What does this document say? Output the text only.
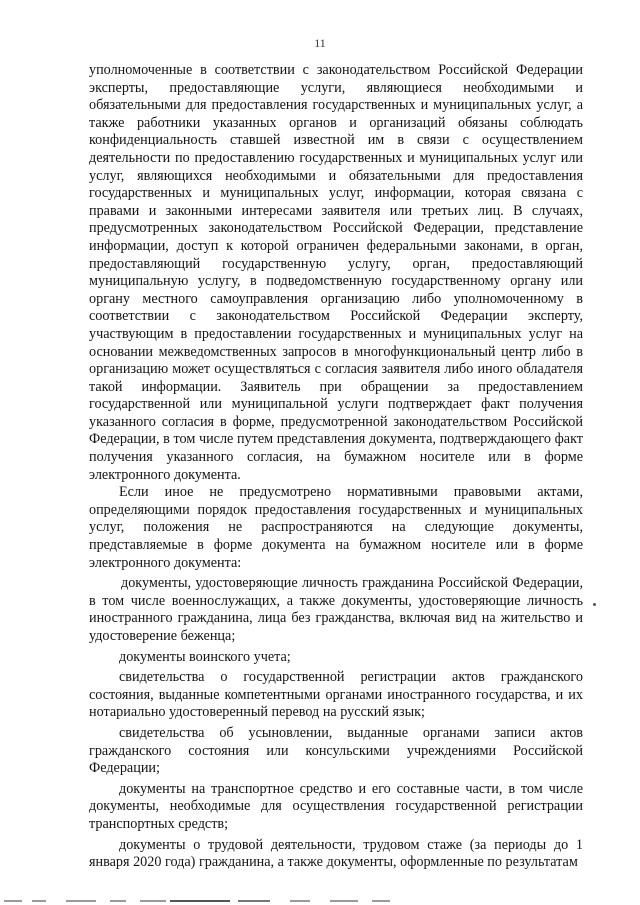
11

уполномоченные в соответствии с законодательством Российской Федерации эксперты, предоставляющие услуги, являющиеся необходимыми и обязательными для предоставления государственных и муниципальных услуг, а также работники указанных органов и организаций обязаны соблюдать конфиденциальность ставшей известной им в связи с осуществлением деятельности по предоставлению государственных и муниципальных услуг или услуг, являющихся необходимыми и обязательными для предоставления государственных и муниципальных услуг, информации, которая связана с правами и законными интересами заявителя или третьих лиц. В случаях, предусмотренных законодательством Российской Федерации, представление информации, доступ к которой ограничен федеральными законами, в орган, предоставляющий государственную услугу, орган, предоставляющий муниципальную услугу, в подведомственную государственному органу или органу местного самоуправления организацию либо уполномоченному в соответствии с законодательством Российской Федерации эксперту, участвующим в предоставлении государственных и муниципальных услуг на основании межведомственных запросов в многофункциональный центр либо в организацию может осуществляться с согласия заявителя либо иного обладателя такой информации. Заявитель при обращении за предоставлением государственной или муниципальной услуги подтверждает факт получения указанного согласия в форме, предусмотренной законодательством Российской Федерации, в том числе путем представления документа, подтверждающего факт получения указанного согласия, на бумажном носителе или в форме электронного документа.

Если иное не предусмотрено нормативными правовыми актами, определяющими порядок предоставления государственных и муниципальных услуг, положения не распространяются на следующие документы, представляемые в форме документа на бумажном носителе или в форме электронного документа:

документы, удостоверяющие личность гражданина Российской Федерации, в том числе военнослужащих, а также документы, удостоверяющие личность иностранного гражданина, лица без гражданства, включая вид на жительство и удостоверение беженца;

документы воинского учета;

свидетельства о государственной регистрации актов гражданского состояния, выданные компетентными органами иностранного государства, и их нотариально удостоверенный перевод на русский язык;

свидетельства об усыновлении, выданные органами записи актов гражданского состояния или консульскими учреждениями Российской Федерации;

документы на транспортное средство и его составные части, в том числе документы, необходимые для осуществления государственной регистрации транспортных средств;

документы о трудовой деятельности, трудовом стаже (за периоды до 1 января 2020 года) гражданина, а также документы, оформленные по результатам
